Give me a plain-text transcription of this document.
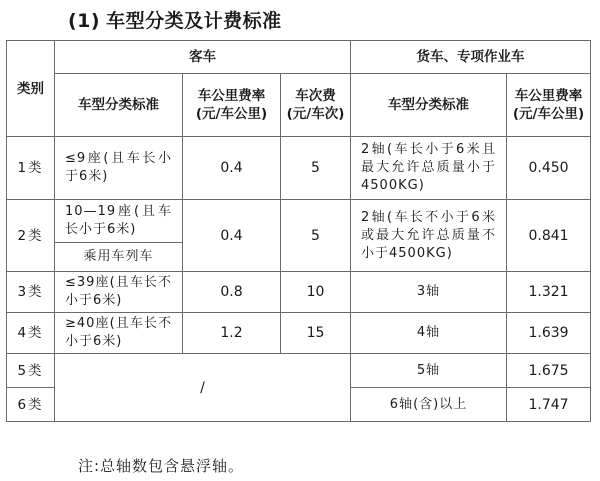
(1) 车型分类及计费标准
类别	客车			货车、专项作业车	
	车型分类标准	车公里费率(元/车公里)	车次费(元/车次)	车型分类标准	车公里费率(元/车公里)
1类	≤9座(且车长小于6米)	0.4	5	2轴(车长小于6米且最大允许总质量小于4500KG)	0.450
2类	10—19座(且车长小于6米)	0.4	5	2轴(车长不小于6米或最大允许总质量不小于4500KG)	0.841
	乘用车列车				
3类	≤39座(且车长不小于6米)	0.8	10	3轴	1.321
4类	≥40座(且车长不小于6米)	1.2	15	4轴	1.639
5类	/			5轴	1.675
6类				6轴(含)以上	1.747
注:总轴数包含悬浮轴。
